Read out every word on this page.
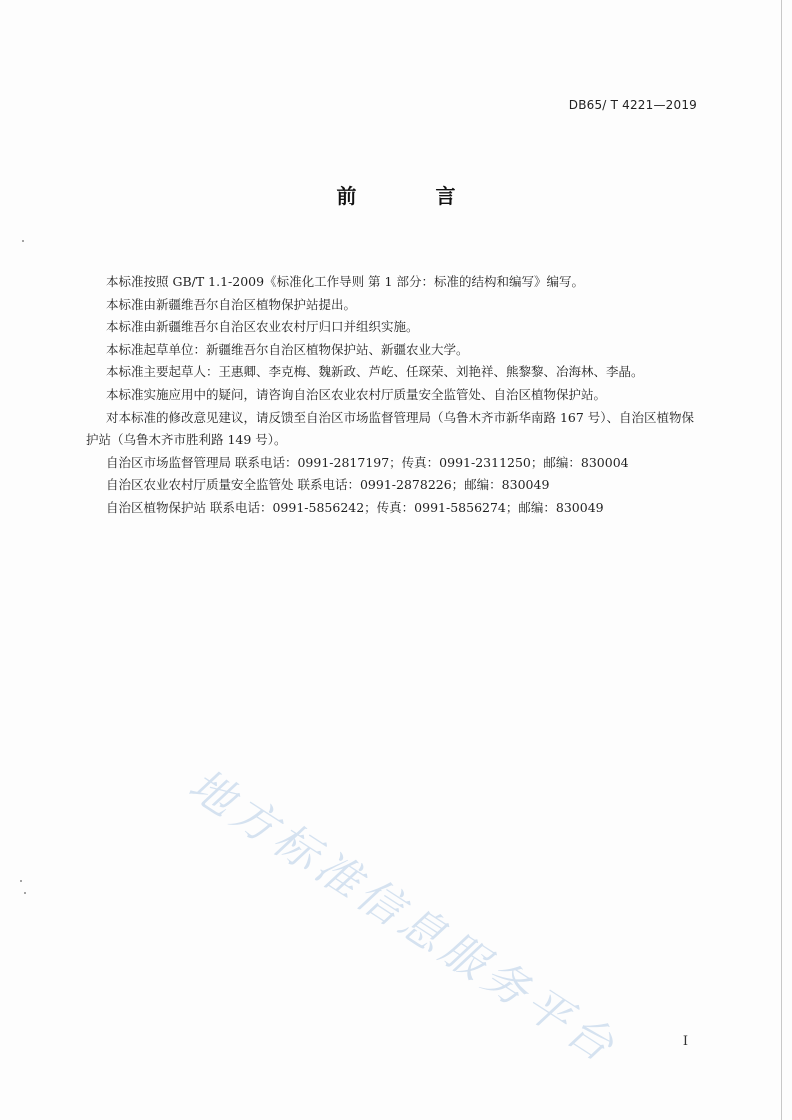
DB65/ T 4221—2019
前 言

本标准按照 GB/T 1.1-2009《标准化工作导则 第 1 部分：标准的结构和编写》编写。

本标准由新疆维吾尔自治区植物保护站提出。

本标准由新疆维吾尔自治区农业农村厅归口并组织实施。

本标准起草单位：新疆维吾尔自治区植物保护站、新疆农业大学。

本标准主要起草人：王惠卿、李克梅、魏新政、芦屹、任琛荣、刘艳祥、熊黎黎、冶海林、李晶。

本标准实施应用中的疑问，请咨询自治区农业农村厅质量安全监管处、自治区植物保护站。

对本标准的修改意见建议，请反馈至自治区市场监督管理局（乌鲁木齐市新华南路 167 号）、自治区植物保护站（乌鲁木齐市胜利路 149 号）。

自治区市场监督管理局 联系电话：0991-2817197；传真：0991-2311250；邮编：830004

自治区农业农村厅质量安全监管处 联系电话：0991-2878226；邮编：830049

自治区植物保护站 联系电话：0991-5856242；传真：0991-5856274；邮编：830049

地方标准信息服务平台	I
